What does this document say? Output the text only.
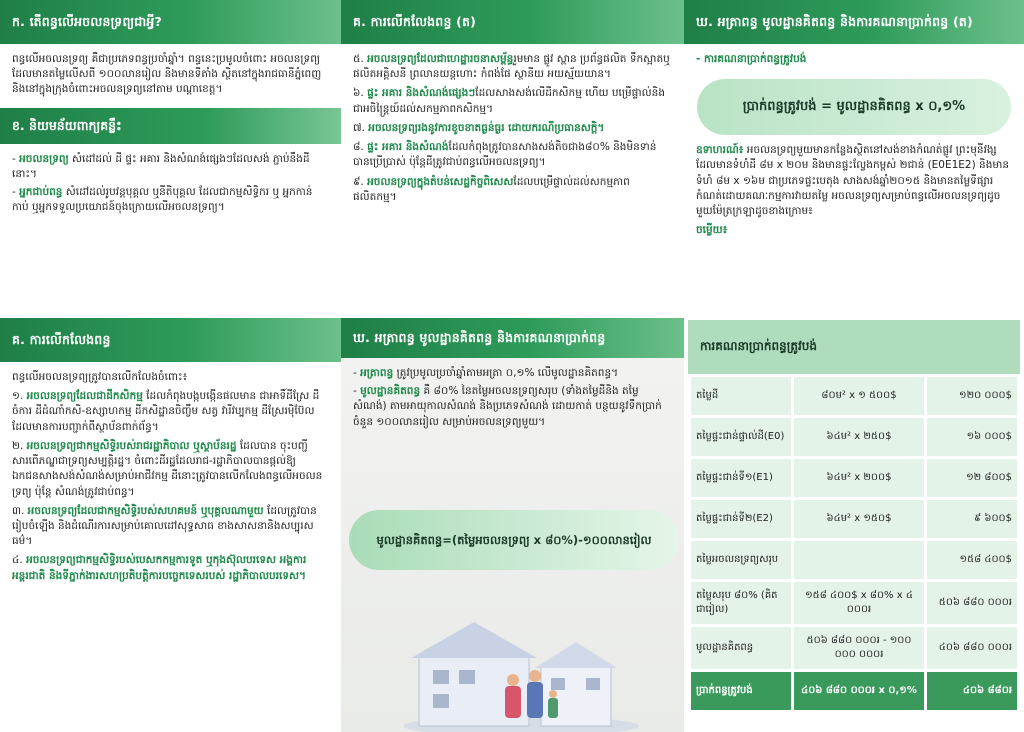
ក. តើពន្ធលើអចលនទ្រព្យជាអ្វី?

ពន្ធលើអចលនទ្រព្យ គឺជាប្រភេទពន្ធប្រចាំឆ្នាំ។ ពន្ធនេះប្រមូលចំពោះ អចលនទ្រព្យដែលមានតម្លៃលើសពី ១០០លានរៀល និងមានទីតាំង ស្ថិតនៅក្នុងរាជធានីភ្នំពេញ និងនៅក្នុងក្រុងចំពោះអចលនទ្រព្យនៅតាម បណ្ដាខេត្ត។

ខ. និយមន័យពាក្យគន្លឹះ
- អចលនទ្រព្យ សំដៅដល់ ដី ផ្ទះ អគារ និងសំណង់ផ្សេងៗដែលសង់ ភ្ជាប់នឹងដីនោះ។
- អ្នកជាប់ពន្ធ សំដៅដល់រូបវន្តបុគ្គល ឬនីតិបុគ្គល ដែលជាកម្មសិទ្ធិករ ឬ អ្នកកាន់កាប់ ឬអ្នកទទួលប្រយោជន៍ចុងក្រោយលើអចលនទ្រព្យ។
គ. ការលើកលែងពន្ធ (ត)
៥. អចលនទ្រព្យដែលជាហេដ្ឋារចនាសម្ព័ន្ធរួមមាន ផ្លូវ ស្ពាន ប្រព័ន្ធផលិត ទឹកស្អាតឬផលិតអគ្គិសនី ព្រលានយន្តហោះ កំពង់ផែ ស្ថានីយ អយស្ម័យយាន។
៦. ផ្ទះ អគារ និងសំណង់ផ្សេងៗដែលសាងសង់លើដីកសិកម្ម ហើយ បម្រើផ្ទាល់និងជាអចិន្ត្រៃយ៍ដល់សកម្មភាពកសិកម្ម។
៧. អចលនទ្រព្យរងនូវការខូចខាតធ្ងន់ធ្ងរ ដោយករណីប្រធានសក្តិ។
៨. ផ្ទះ អគារ និងសំណង់ដែលកំពុងត្រូវបានសាងសង់តិចជាង៨០% និងមិនទាន់បានប្រើប្រាស់ ប៉ុន្តែដីត្រូវជាប់ពន្ធលើអចលនទ្រព្យ។
៩. អចលនទ្រព្យក្នុងតំបន់សេដ្ឋកិច្ចពិសេសដែលបម្រើផ្ទាល់ដល់សកម្មភាព ផលិតកម្ម។
ឃ. អត្រាពន្ធ មូលដ្ឋានគិតពន្ធ និងការគណនាប្រាក់ពន្ធ (ត)

- ការគណនាប្រាក់ពន្ធត្រូវបង់

ប្រាក់ពន្ធត្រូវបង់ = មូលដ្ឋានគិតពន្ធ x ០,១%

ឧទាហរណ៍៖ អចលនទ្រព្យមួយមានកន្លែងស្ថិតនៅសង់ខាងកំណត់ផ្លូវ ព្រះមុនីវង្សដែលមានទំហំដី ៨ម x ២០ម និងមានផ្ទះល្វែងកម្ពស់ ២ជាន់ (E0E1E2) និងមានទំហំ ៨ម x ១៦ម ជាប្រភេទផ្ទះបេតុង សាងសង់ឆ្នាំ២០១៥ និងមានតម្លៃទីផ្សារកំណត់ដោយគណៈកម្មការវាយតម្លៃ អចលនទ្រព្យសម្រាប់ពន្ធលើអចលនទ្រព្យដូចមួយម៉ែត្រក្រឡាដូចខាងក្រោម៖

ចម្លើយ៖

គ. ការលើកលែងពន្ធ

ពន្ធលើអចលនទ្រព្យត្រូវបានលើកលែងចំពោះ៖

១. អចលនទ្រព្យដែលជាដីកសិកម្ម ដែលកំពុងបង្កបង្កើនផលមាន ជាអាទិ៍ដីស្រែ ដីចំការ ដីដំណាំកសិ-ឧស្សាហកម្ម ដីកសិដ្ឋានចិញ្ចឹម សត្វ វារីវប្បកម្ម ដីស្រែរម៉ិប៊ែល ដែលមានការបញ្ជាក់ពីស្ថាប័នពាក់ព័ន្ធ។
២. អចលនទ្រព្យជាកម្មសិទ្ធិរបស់រាជរដ្ឋាភិបាល ឬស្ថាប័នរដ្ឋ ដែលបាន ចុះបញ្ជីសារពើភណ្ឌជាទ្រព្យសម្បត្តិរដ្ឋ។ ចំពោះដីរដ្ឋដែលរាជ-រដ្ឋាភិបាលបានផ្តល់ឱ្យឯកជនសាងសង់សំណង់សម្រាប់អាជីវកម្ម ដីនោះត្រូវបានលើកលែងពន្ធលើអចលនទ្រព្យ ប៉ុន្តែ សំណង់ត្រូវជាប់ពន្ធ។
៣. អចលនទ្រព្យដែលជាកម្មសិទ្ធិរបស់សហគមន៍ ឬបុគ្គលណាមួយ ដែលត្រូវបានរៀបចំឡើង និងដំណើរការសម្រាប់គោលដៅសុទ្ធសាធ ខាងសាសនានិងសប្បុរសធម៌។
៤. អចលនទ្រព្យជាកម្មសិទ្ធិរបស់បេសកកម្មការទូត ឬកុងស៊ុលបរទេស អង្គការអន្តរជាតិ និងទីភ្នាក់ងារសហប្រតិបត្តិការបច្ចេកទេសរបស់ រដ្ឋាភិបាលបរទេស។
ឃ. អត្រាពន្ធ មូលដ្ឋានគិតពន្ធ និងការគណនាប្រាក់ពន្ធ
- អត្រាពន្ធ ត្រូវប្រមូលប្រចាំឆ្នាំតាមអត្រា ០,១% លើមូលដ្ឋានគិតពន្ធ។
- មូលដ្ឋានគិតពន្ធ គឺ ៨០% នៃតម្លៃអចលនទ្រព្យសរុប (ទាំងតម្លៃដីនិង តម្លៃសំណង់) តាមអាយុកាលសំណង់ និងប្រភេទសំណង់ ដោយកាត់ បន្ថយនូវទឹកប្រាក់ចំនួន ១០០លានរៀល សម្រាប់អចលនទ្រព្យមួយ។
មូលដ្ឋានគិតពន្ធ=(តម្លៃអចលនទ្រព្យ x ៨០%)-១០០លានរៀល
ការគណនាប្រាក់ពន្ធត្រូវបង់
តម្លៃដី	៨០ម² x ១ ៥០០$	១២០ ០០០$
តម្លៃផ្ទះជាន់ផ្ទាល់ដី(E0)	៦៤ម² x ២៥០$	១៦ ០០០$
តម្លៃផ្ទះជាន់ទី១(E1)	៦៤ម² x ២០០$	១២ ៨០០$
តម្លៃផ្ទះជាន់ទី២(E2)	៦៤ម² x ១៥០$	៩ ៦០០$
តម្លៃអចលនទ្រព្យសរុប		១៥៨ ៤០០$
តម្លៃសរុប ៨០% (គិតជារៀល)	១៥៨ ៤០០$ x ៨០% x ៤ ០០០៛	៥០៦ ៨៨០ ០០០៛
មូលដ្ឋានគិតពន្ធ	៥០៦ ៨៨០ ០០០៛ - ១០០ ០០០ ០០០៛	៤០៦ ៨៨០ ០០០៛
ប្រាក់ពន្ធត្រូវបង់	៤០៦ ៨៨០ ០០០៛ x ០,១%	៤០៦ ៨៨០៛
